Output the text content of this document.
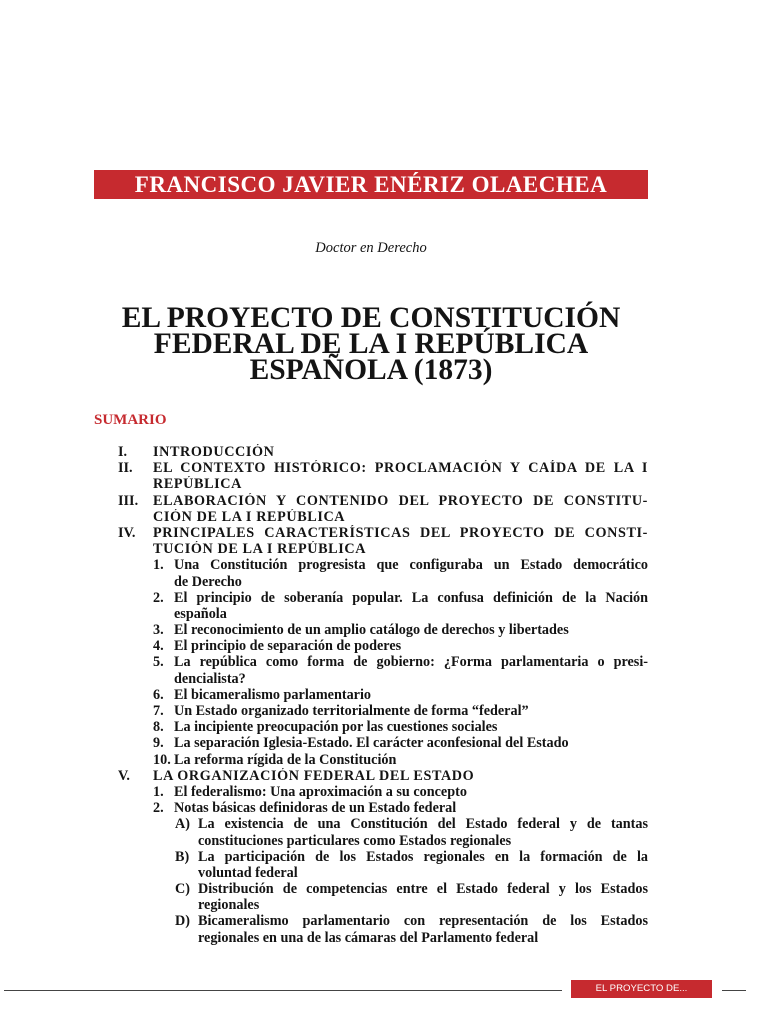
FRANCISCO JAVIER ENÉRIZ OLAECHEA
Doctor en Derecho
EL PROYECTO DE CONSTITUCIÓN
FEDERAL DE LA I REPÚBLICA
ESPAÑOLA (1873)
SUMARIO
I.	INTRODUCCIÓN
II.	EL CONTEXTO HISTÓRICO: PROCLAMACIÓN Y CAÍDA DE LA I
REPÚBLICA
III.	ELABORACIÓN Y CONTENIDO DEL PROYECTO DE CONSTITU-
CIÓN DE LA I REPÚBLICA
IV.	PRINCIPALES CARACTERÍSTICAS DEL PROYECTO DE CONSTI-
TUCIÓN DE LA I REPÚBLICA
1. Una Constitución progresista que configuraba un Estado democrático
de Derecho
2. El principio de soberanía popular. La confusa definición de la Nación
española
3. El reconocimiento de un amplio catálogo de derechos y libertades
4. El principio de separación de poderes
5. La república como forma de gobierno: ¿Forma parlamentaria o presi-
dencialista?
6. El bicameralismo parlamentario
7. Un Estado organizado territorialmente de forma “federal”
8. La incipiente preocupación por las cuestiones sociales
9. La separación Iglesia-Estado. El carácter aconfesional del Estado
10. La reforma rígida de la Constitución
V.	LA ORGANIZACIÓN FEDERAL DEL ESTADO
1. El federalismo: Una aproximación a su concepto
2. Notas básicas definidoras de un Estado federal
A) La existencia de una Constitución del Estado federal y de tantas
constituciones particulares como Estados regionales
B) La participación de los Estados regionales en la formación de la
voluntad federal
C) Distribución de competencias entre el Estado federal y los Estados
regionales
D) Bicameralismo parlamentario con representación de los Estados
regionales en una de las cámaras del Parlamento federal
EL PROYECTO DE...
